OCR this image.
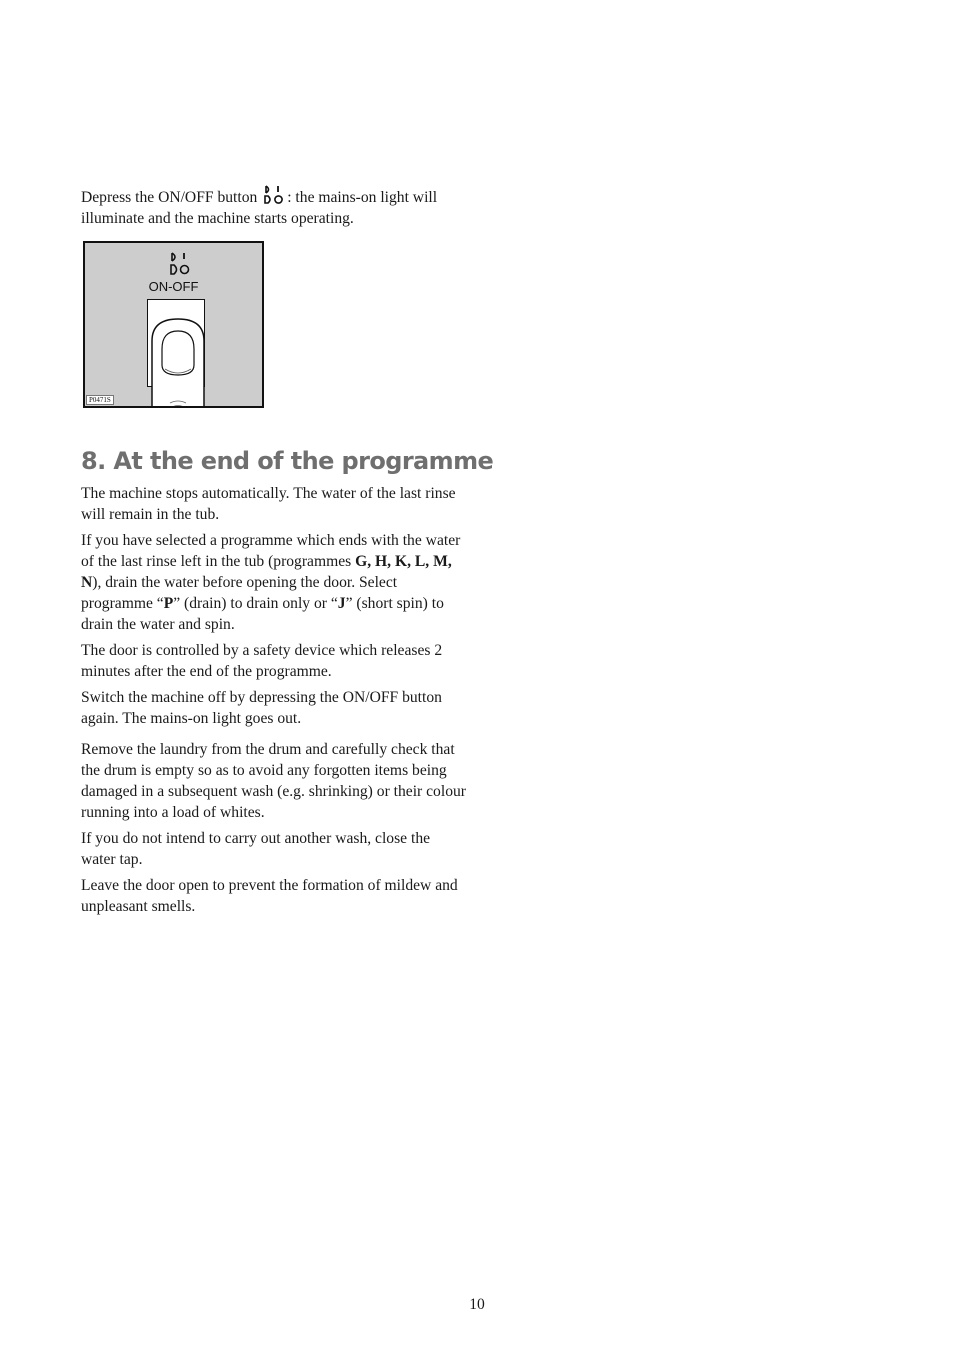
Depress the ON/OFF button : the mains-on light will illuminate and the machine starts operating.

ON-OFF
P0471S
8. At the end of the programme

The machine stops automatically. The water of the last rinse will remain in the tub.

If you have selected a programme which ends with the water of the last rinse left in the tub (programmes G, H, K, L, M, N), drain the water before opening the door. Select programme “P” (drain) to drain only or “J” (short spin) to drain the water and spin.

The door is controlled by a safety device which releases 2 minutes after the end of the programme.

Switch the machine off by depressing the ON/OFF button again. The mains-on light goes out.

Remove the laundry from the drum and carefully check that the drum is empty so as to avoid any forgotten items being damaged in a subsequent wash (e.g. shrinking) or their colour running into a load of whites.

If you do not intend to carry out another wash, close the water tap.

Leave the door open to prevent the formation of mildew and unpleasant smells.

10
